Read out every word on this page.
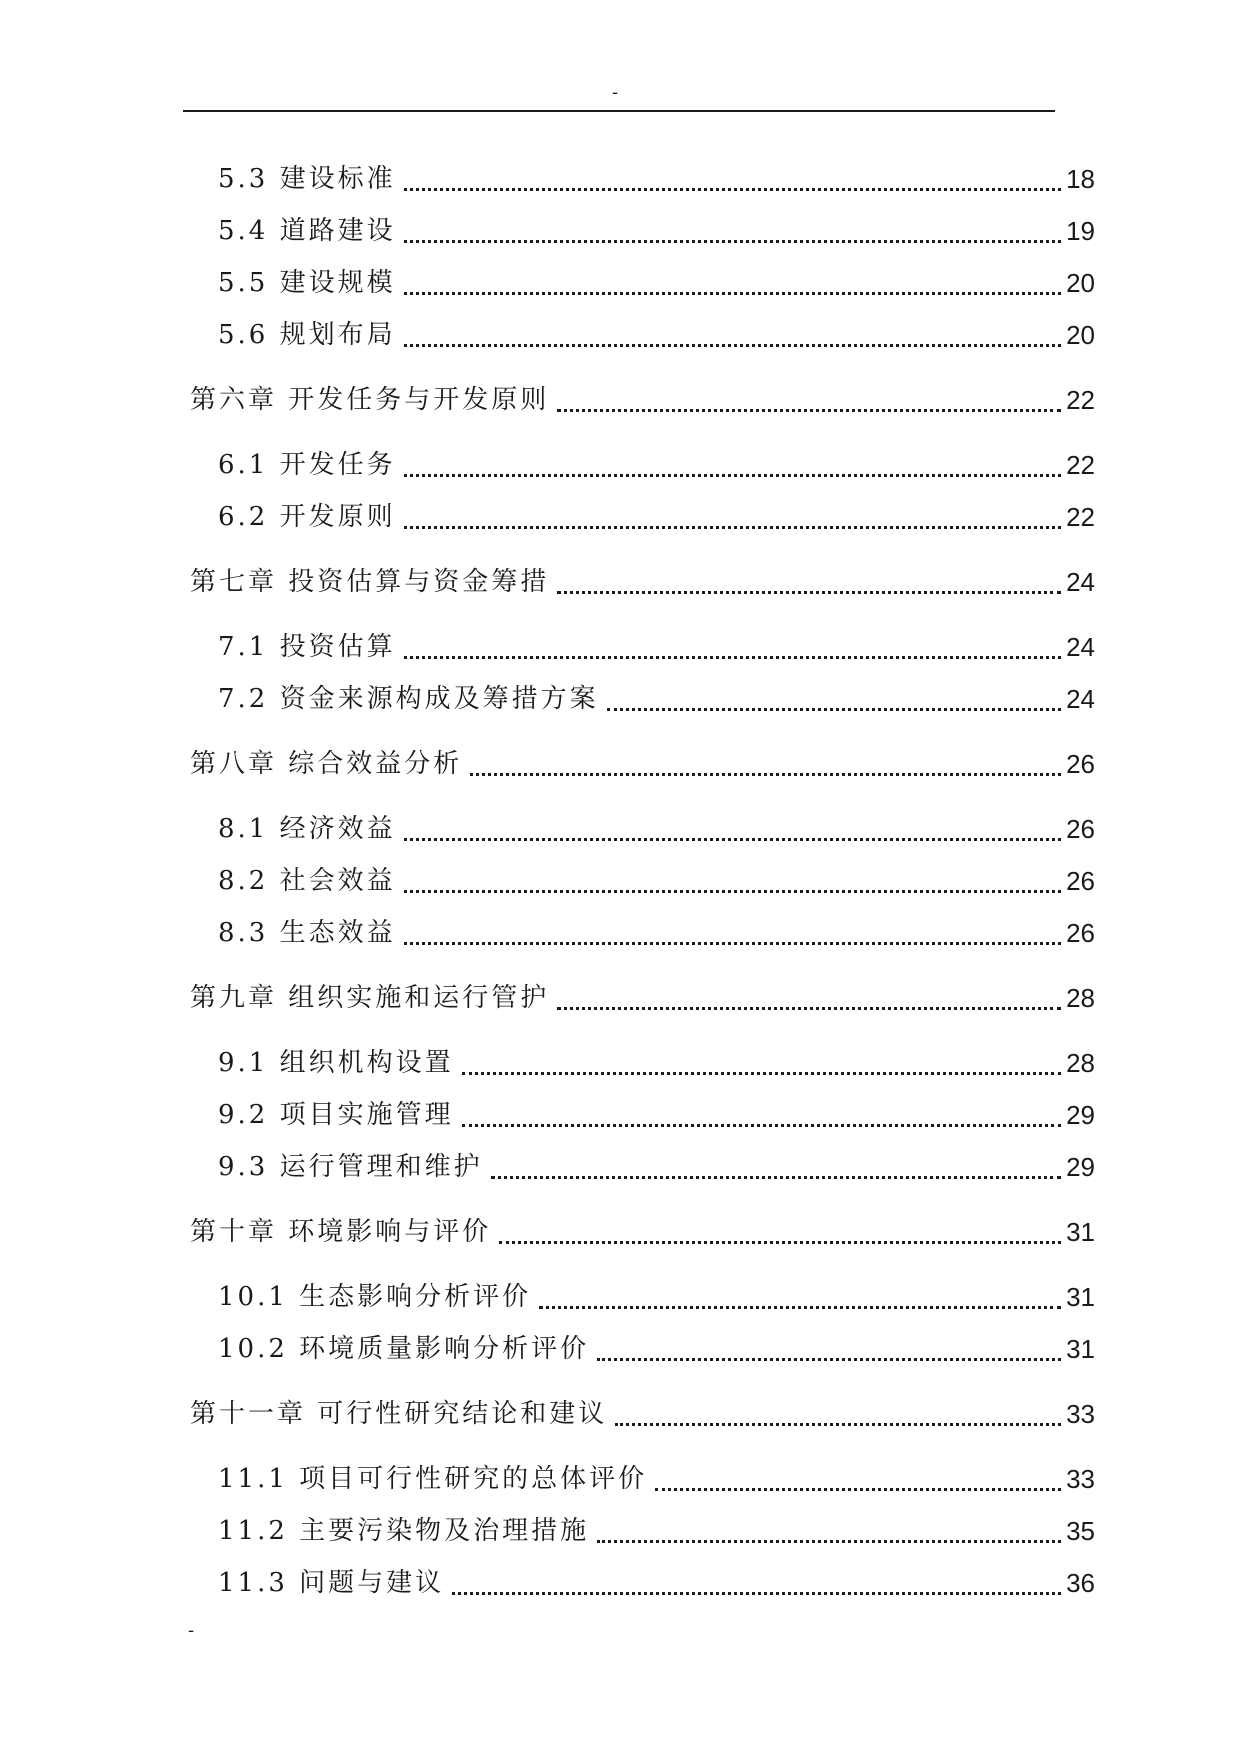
-
5.3 建设标准	18
5.4 道路建设	19
5.5 建设规模	20
5.6 规划布局	20
第六章 开发任务与开发原则	22
6.1 开发任务	22
6.2 开发原则	22
第七章 投资估算与资金筹措	24
7.1 投资估算	24
7.2 资金来源构成及筹措方案	24
第八章 综合效益分析	26
8.1 经济效益	26
8.2 社会效益	26
8.3 生态效益	26
第九章 组织实施和运行管护	28
9.1 组织机构设置	28
9.2 项目实施管理	29
9.3 运行管理和维护	29
第十章 环境影响与评价	31
10.1 生态影响分析评价	31
10.2 环境质量影响分析评价	31
第十一章 可行性研究结论和建议	33
11.1 项目可行性研究的总体评价	33
11.2 主要污染物及治理措施	35
11.3 问题与建议	36
-
